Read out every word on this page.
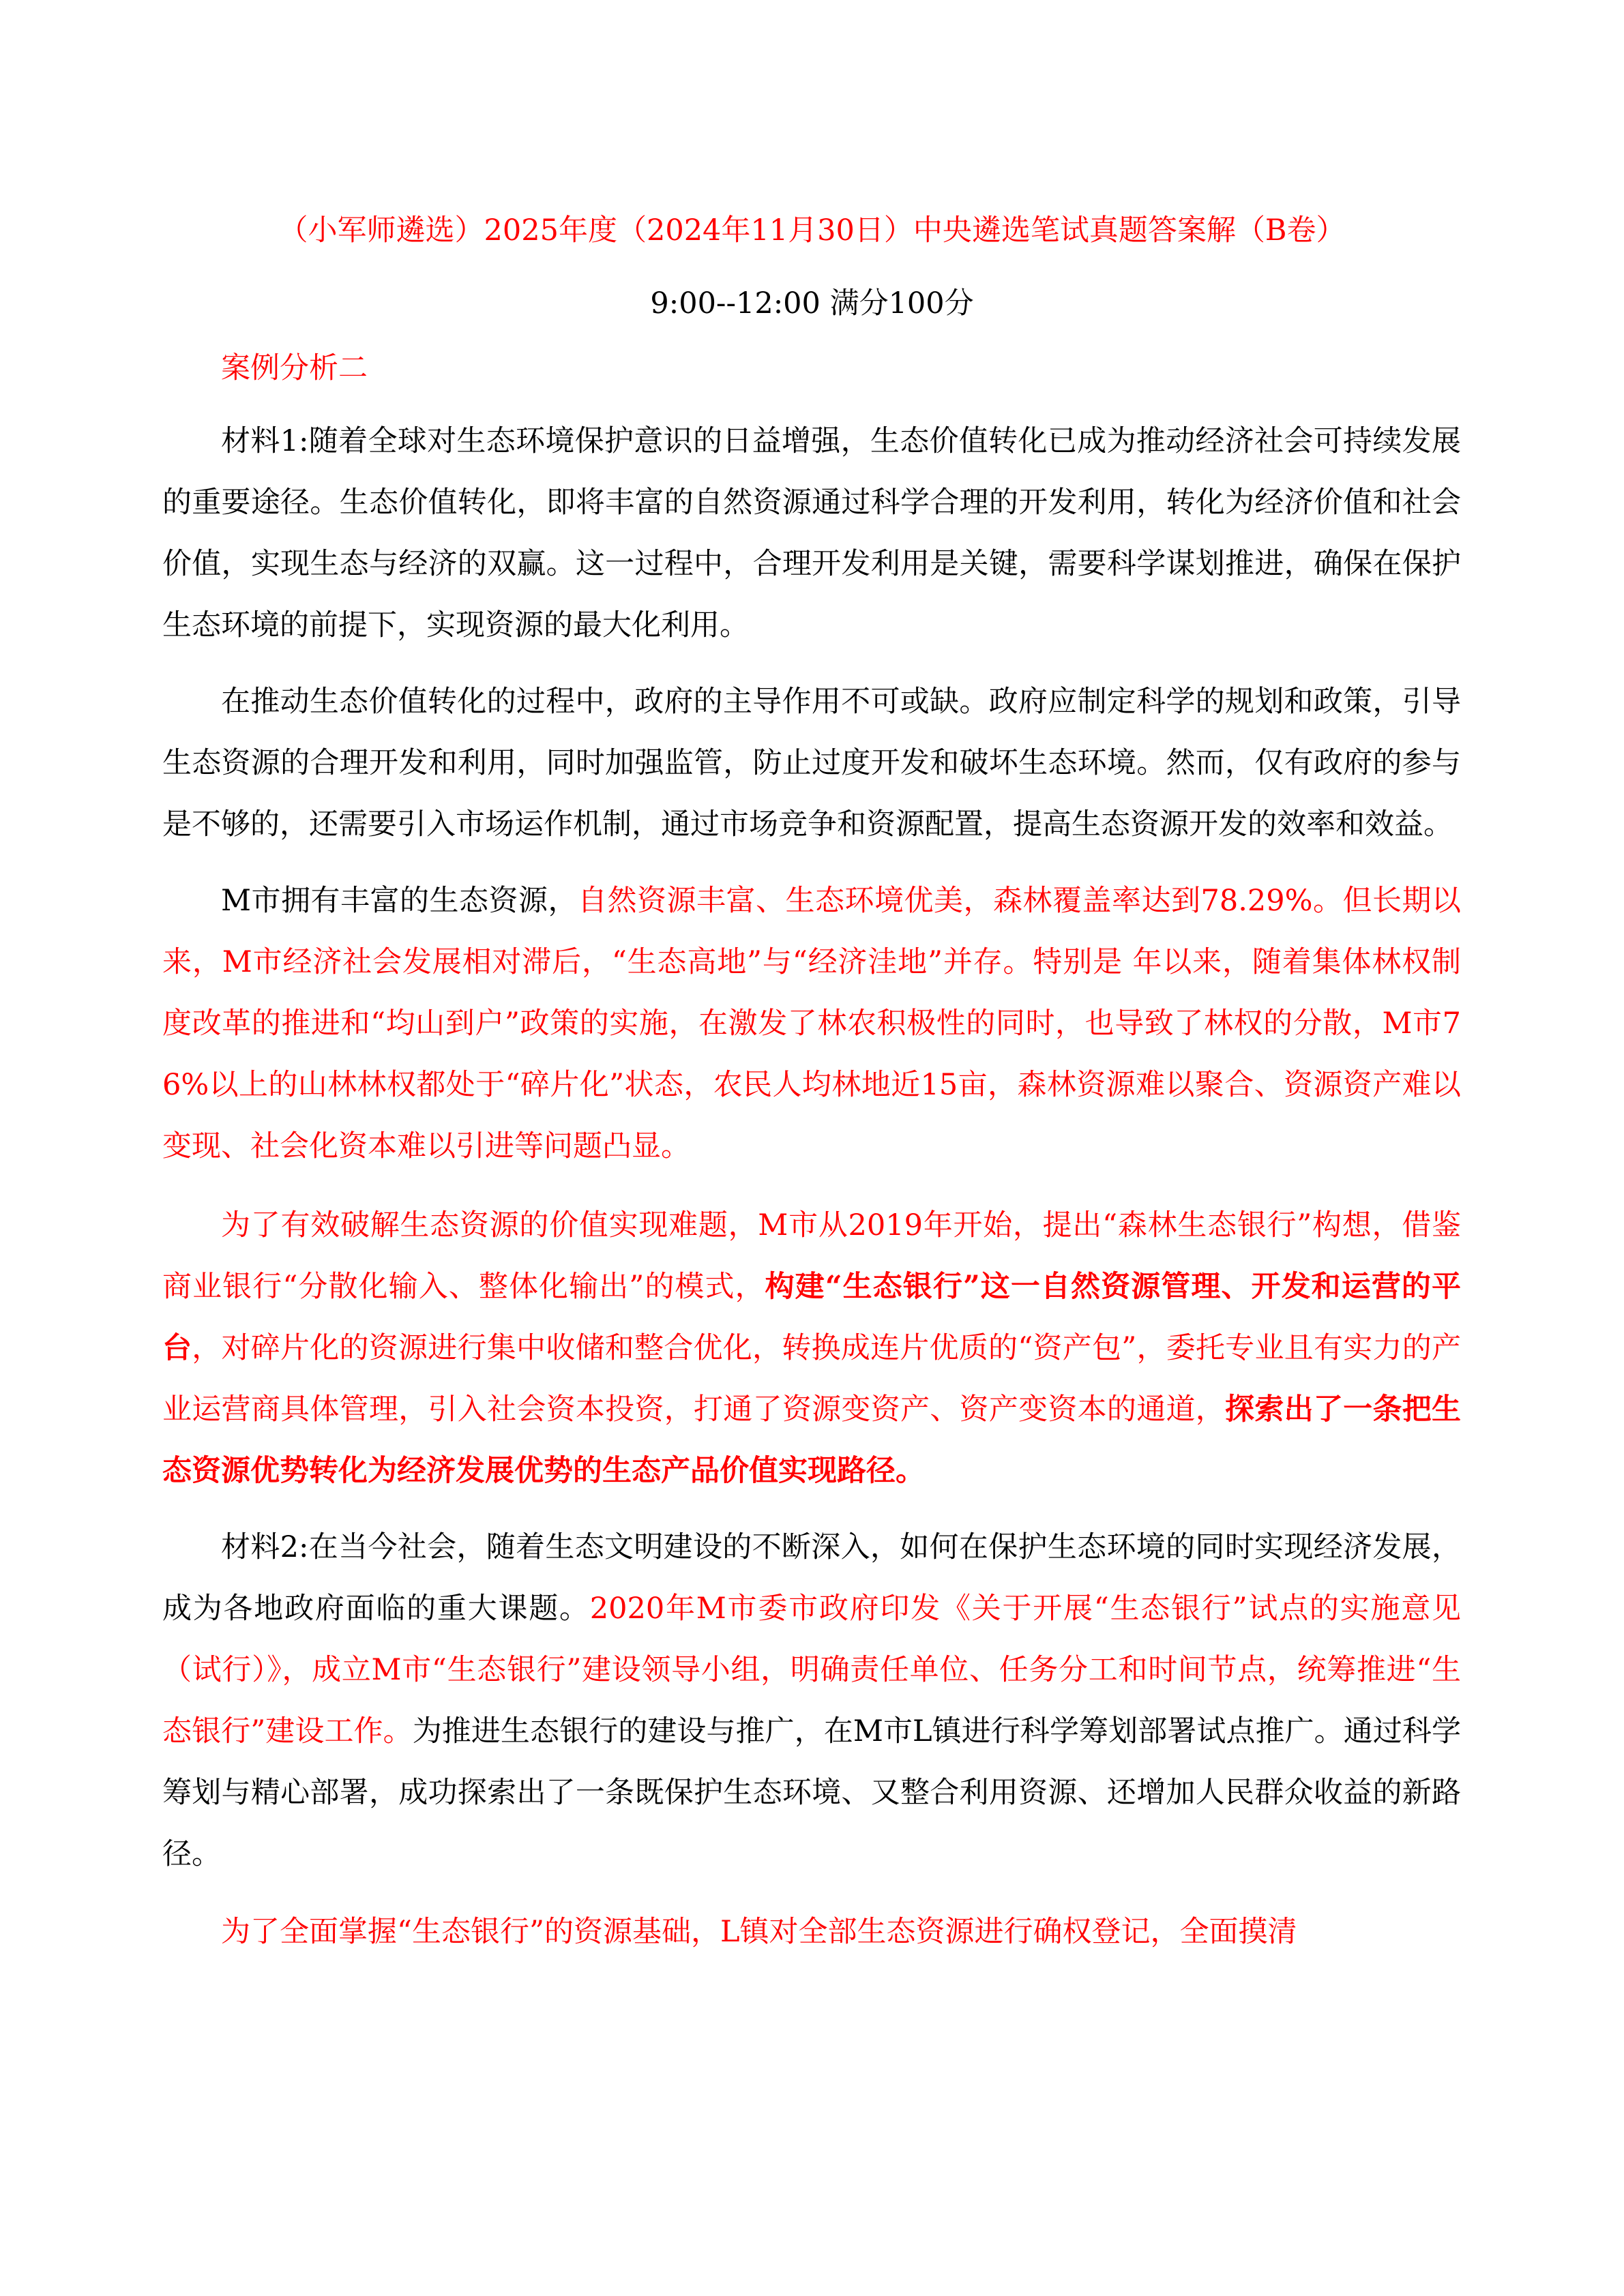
（小军师遴选）2025年度（2024年11月30日）中央遴选笔试真题答案解（B卷）
9:00--12:00 满分100分
案例分析二

材料1:随着全球对生态环境保护意识的日益增强，生态价值转化已成为推动经济社会可持续发展的重要途径。生态价值转化，即将丰富的自然资源通过科学合理的开发利用，转化为经济价值和社会价值，实现生态与经济的双赢。这一过程中，合理开发利用是关键，需要科学谋划推进，确保在保护生态环境的前提下，实现资源的最大化利用。

在推动生态价值转化的过程中，政府的主导作用不可或缺。政府应制定科学的规划和政策，引导生态资源的合理开发和利用，同时加强监管，防止过度开发和破坏生态环境。然而，仅有政府的参与是不够的，还需要引入市场运作机制，通过市场竞争和资源配置，提高生态资源开发的效率和效益。

M市拥有丰富的生态资源，自然资源丰富、生态环境优美，森林覆盖率达到78.29%。但长期以来，M市经济社会发展相对滞后，“生态高地”与“经济洼地”并存。特别是 年以来，随着集体林权制度改革的推进和“均山到户”政策的实施，在激发了林农积极性的同时，也导致了林权的分散，M市76%以上的山林林权都处于“碎片化”状态，农民人均林地近15亩，森林资源难以聚合、资源资产难以变现、社会化资本难以引进等问题凸显。

为了有效破解生态资源的价值实现难题，M市从2019年开始，提出“森林生态银行”构想，借鉴商业银行“分散化输入、整体化输出”的模式，构建“生态银行”这一自然资源管理、开发和运营的平台，对碎片化的资源进行集中收储和整合优化，转换成连片优质的“资产包”，委托专业且有实力的产业运营商具体管理，引入社会资本投资，打通了资源变资产、资产变资本的通道，探索出了一条把生态资源优势转化为经济发展优势的生态产品价值实现路径。

材料2:在当今社会，随着生态文明建设的不断深入，如何在保护生态环境的同时实现经济发展，成为各地政府面临的重大课题。2020年M市委市政府印发《关于开展“生态银行”试点的实施意见（试行）》，成立M市“生态银行”建设领导小组，明确责任单位、任务分工和时间节点，统筹推进“生态银行”建设工作。为推进生态银行的建设与推广，在M市L镇进行科学筹划部署试点推广。通过科学筹划与精心部署，成功探索出了一条既保护生态环境、又整合利用资源、还增加人民群众收益的新路径。

为了全面掌握“生态银行”的资源基础，L镇对全部生态资源进行确权登记，全面摸清
